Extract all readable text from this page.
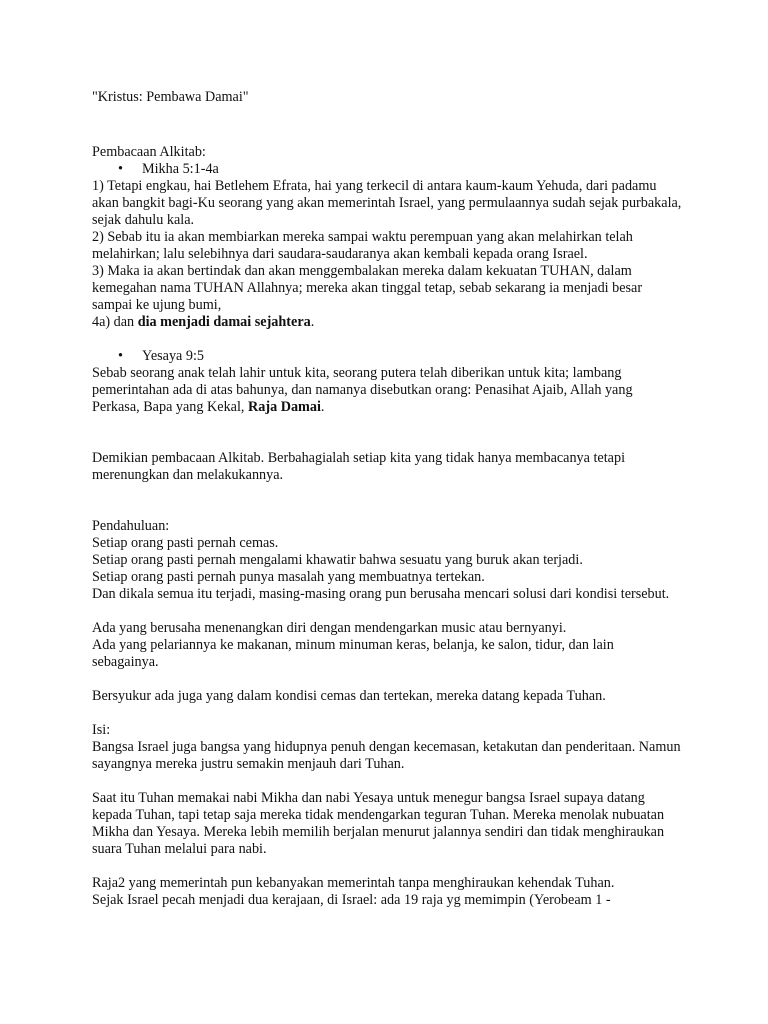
"Kristus: Pembawa Damai"

Pembacaan Alkitab:

•
Mikha 5:1-4a

1) Tetapi engkau, hai Betlehem Efrata, hai yang terkecil di antara kaum-kaum Yehuda, dari padamu akan bangkit bagi-Ku seorang yang akan memerintah Israel, yang permulaannya sudah sejak purbakala, sejak dahulu kala.

2) Sebab itu ia akan membiarkan mereka sampai waktu perempuan yang akan melahirkan telah melahirkan; lalu selebihnya dari saudara-saudaranya akan kembali kepada orang Israel.

3) Maka ia akan bertindak dan akan menggembalakan mereka dalam kekuatan TUHAN, dalam kemegahan nama TUHAN Allahnya; mereka akan tinggal tetap, sebab sekarang ia menjadi besar sampai ke ujung bumi,

4a) dan dia menjadi damai sejahtera.

•
Yesaya 9:5

Sebab seorang anak telah lahir untuk kita, seorang putera telah diberikan untuk kita; lambang pemerintahan ada di atas bahunya, dan namanya disebutkan orang: Penasihat Ajaib, Allah yang Perkasa, Bapa yang Kekal, Raja Damai.

Demikian pembacaan Alkitab. Berbahagialah setiap kita yang tidak hanya membacanya tetapi merenungkan dan melakukannya.

Pendahuluan:

Setiap orang pasti pernah cemas.

Setiap orang pasti pernah mengalami khawatir bahwa sesuatu yang buruk akan terjadi.

Setiap orang pasti pernah punya masalah yang membuatnya tertekan.

Dan dikala semua itu terjadi, masing-masing orang pun berusaha mencari solusi dari kondisi tersebut.

Ada yang berusaha menenangkan diri dengan mendengarkan music atau bernyanyi.

Ada yang pelariannya ke makanan, minum minuman keras, belanja, ke salon, tidur, dan lain sebagainya.

Bersyukur ada juga yang dalam kondisi cemas dan tertekan, mereka datang kepada Tuhan.

Isi:

Bangsa Israel juga bangsa yang hidupnya penuh dengan kecemasan, ketakutan dan penderitaan. Namun sayangnya mereka justru semakin menjauh dari Tuhan.

Saat itu Tuhan memakai nabi Mikha dan nabi Yesaya untuk menegur bangsa Israel supaya datang kepada Tuhan, tapi tetap saja mereka tidak mendengarkan teguran Tuhan. Mereka menolak nubuatan Mikha dan Yesaya. Mereka lebih memilih berjalan menurut jalannya sendiri dan tidak menghiraukan suara Tuhan melalui para nabi.

Raja2 yang memerintah pun kebanyakan memerintah tanpa menghiraukan kehendak Tuhan.

Sejak Israel pecah menjadi dua kerajaan, di Israel: ada 19 raja yg memimpin (Yerobeam 1 -
